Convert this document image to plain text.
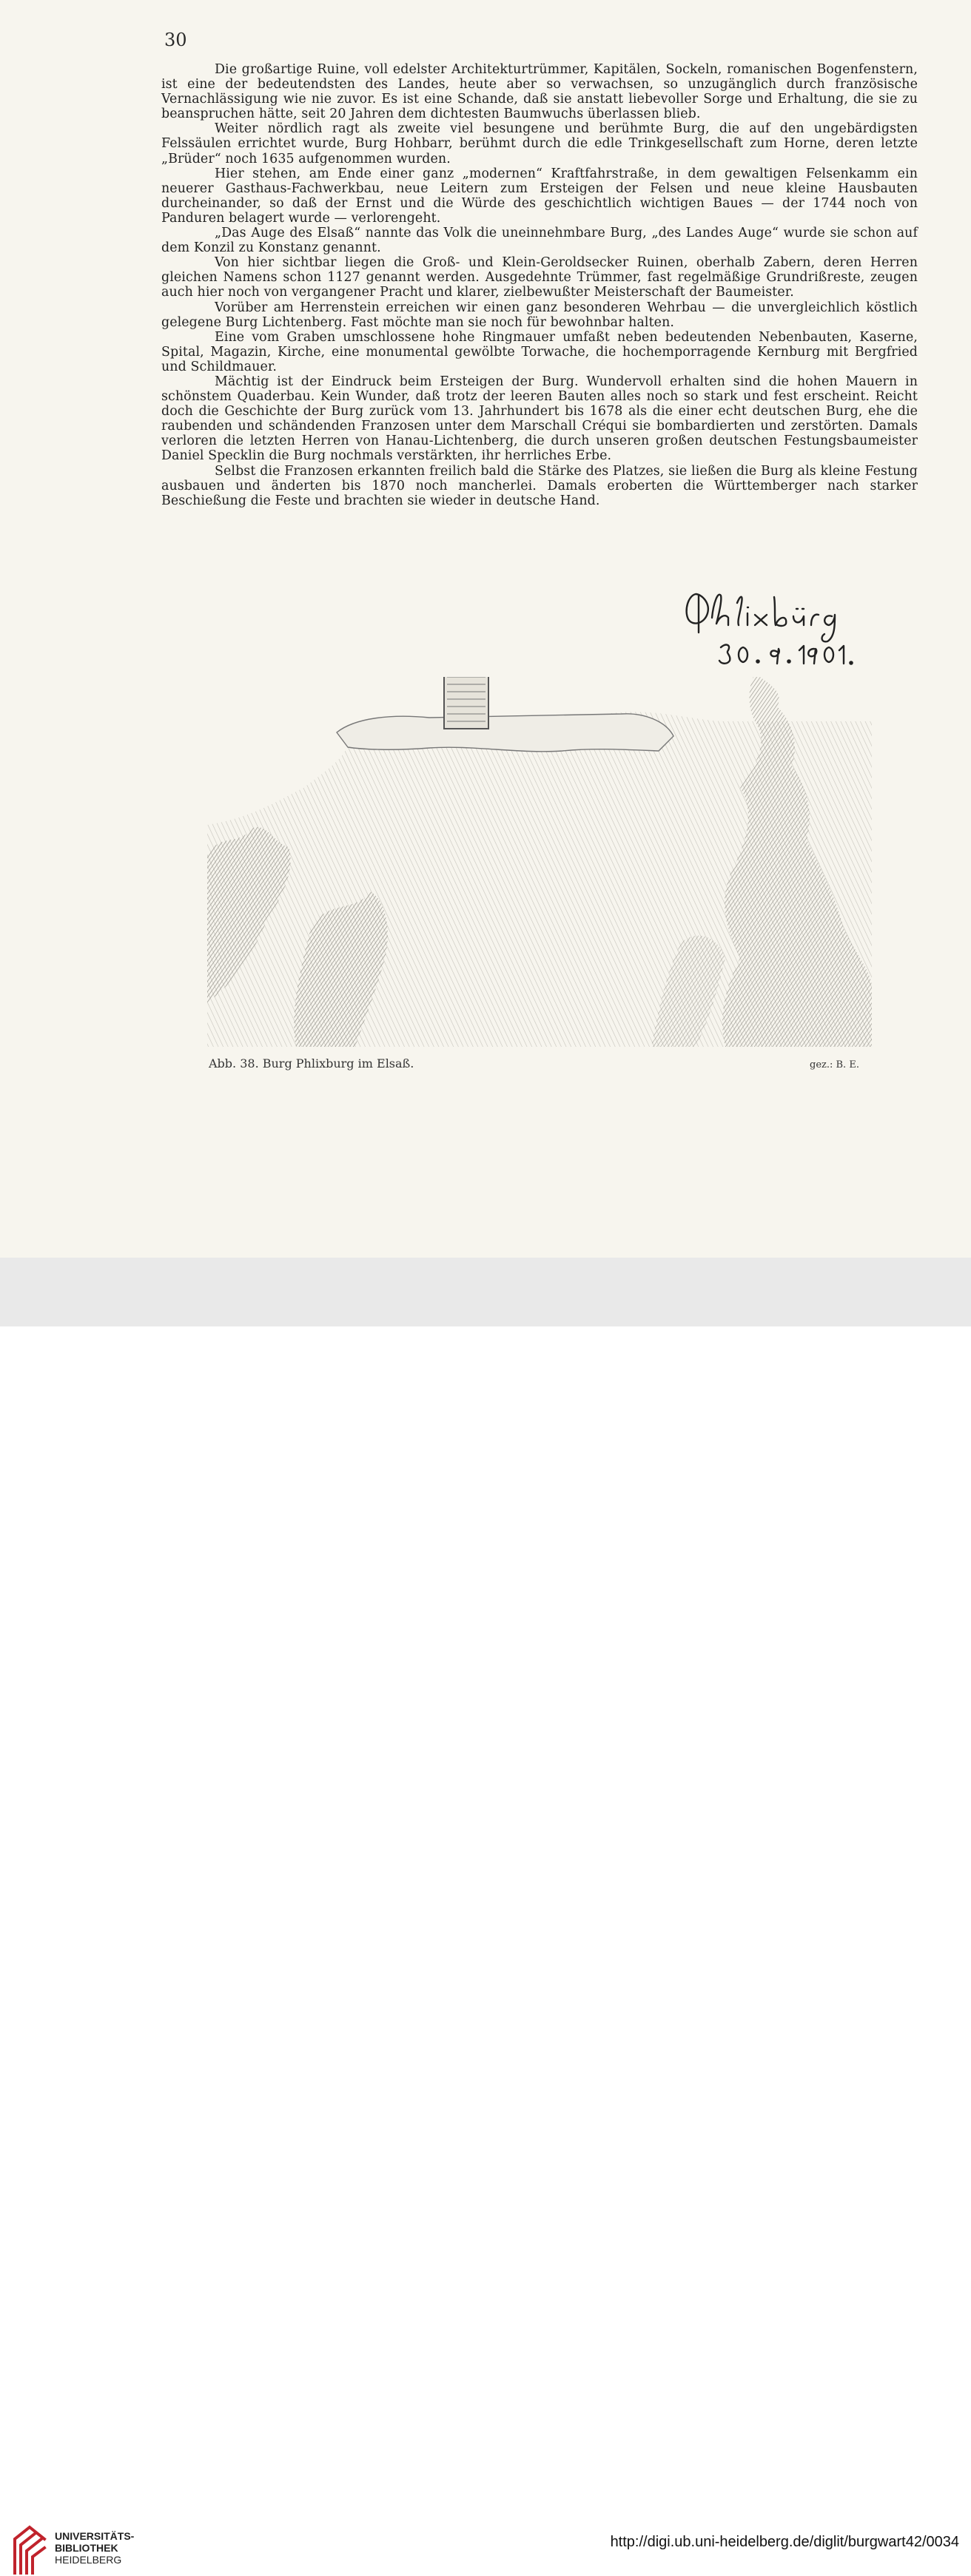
30

Die großartige Ruine, voll edelster Architekturtrümmer, Kapitälen, Sockeln, romanischen Bogenfenstern, ist eine der bedeutendsten des Landes, heute aber so verwachsen, so unzugänglich durch französische Vernachlässigung wie nie zuvor. Es ist eine Schande, daß sie anstatt liebevoller Sorge und Erhaltung, die sie zu beanspruchen hätte, seit 20 Jahren dem dichtesten Baumwuchs überlassen blieb.

Weiter nördlich ragt als zweite viel besungene und berühmte Burg, die auf den ungebärdigsten Felssäulen errichtet wurde, Burg Hohbarr, berühmt durch die edle Trinkgesellschaft zum Horne, deren letzte „Brüder“ noch 1635 aufgenommen wurden.

Hier stehen, am Ende einer ganz „modernen“ Kraftfahrstraße, in dem gewaltigen Felsenkamm ein neuerer Gasthaus-Fachwerkbau, neue Leitern zum Ersteigen der Felsen und neue kleine Hausbauten durcheinander, so daß der Ernst und die Würde des geschichtlich wichtigen Baues — der 1744 noch von Panduren belagert wurde — verlorengeht.

„Das Auge des Elsaß“ nannte das Volk die uneinnehmbare Burg, „des Landes Auge“ wurde sie schon auf dem Konzil zu Konstanz genannt.

Von hier sichtbar liegen die Groß- und Klein-Geroldsecker Ruinen, oberhalb Zabern, deren Herren gleichen Namens schon 1127 genannt werden. Ausgedehnte Trümmer, fast regelmäßige Grundrißreste, zeugen auch hier noch von vergangener Pracht und klarer, zielbewußter Meisterschaft der Baumeister.

Vorüber am Herrenstein erreichen wir einen ganz besonderen Wehrbau — die unvergleichlich köstlich gelegene Burg Lichtenberg. Fast möchte man sie noch für bewohnbar halten.

Eine vom Graben umschlossene hohe Ringmauer umfaßt neben bedeutenden Nebenbauten, Kaserne, Spital, Magazin, Kirche, eine monumental gewölbte Torwache, die hochemporragende Kernburg mit Bergfried und Schildmauer.

Mächtig ist der Eindruck beim Ersteigen der Burg. Wundervoll erhalten sind die hohen Mauern in schönstem Quaderbau. Kein Wunder, daß trotz der leeren Bauten alles noch so stark und fest erscheint. Reicht doch die Geschichte der Burg zurück vom 13. Jahrhundert bis 1678 als die einer echt deutschen Burg, ehe die raubenden und schändenden Franzosen unter dem Marschall Créqui sie bombardierten und zerstörten. Damals verloren die letzten Herren von Hanau-Lichtenberg, die durch unseren großen deutschen Festungsbaumeister Daniel Specklin die Burg nochmals verstärkten, ihr herrliches Erbe.

Selbst die Franzosen erkannten freilich bald die Stärke des Platzes, sie ließen die Burg als kleine Festung ausbauen und änderten bis 1870 noch mancherlei. Damals eroberten die Württemberger nach starker Beschießung die Feste und brachten sie wieder in deutsche Hand.

Abb. 38. Burg Phlixburg im Elsaß.	gez.: B. E.
UNIVERSITÄTS-
BIBLIOTHEK
HEIDELBERG
http://digi.ub.uni-heidelberg.de/diglit/burgwart42/0034
